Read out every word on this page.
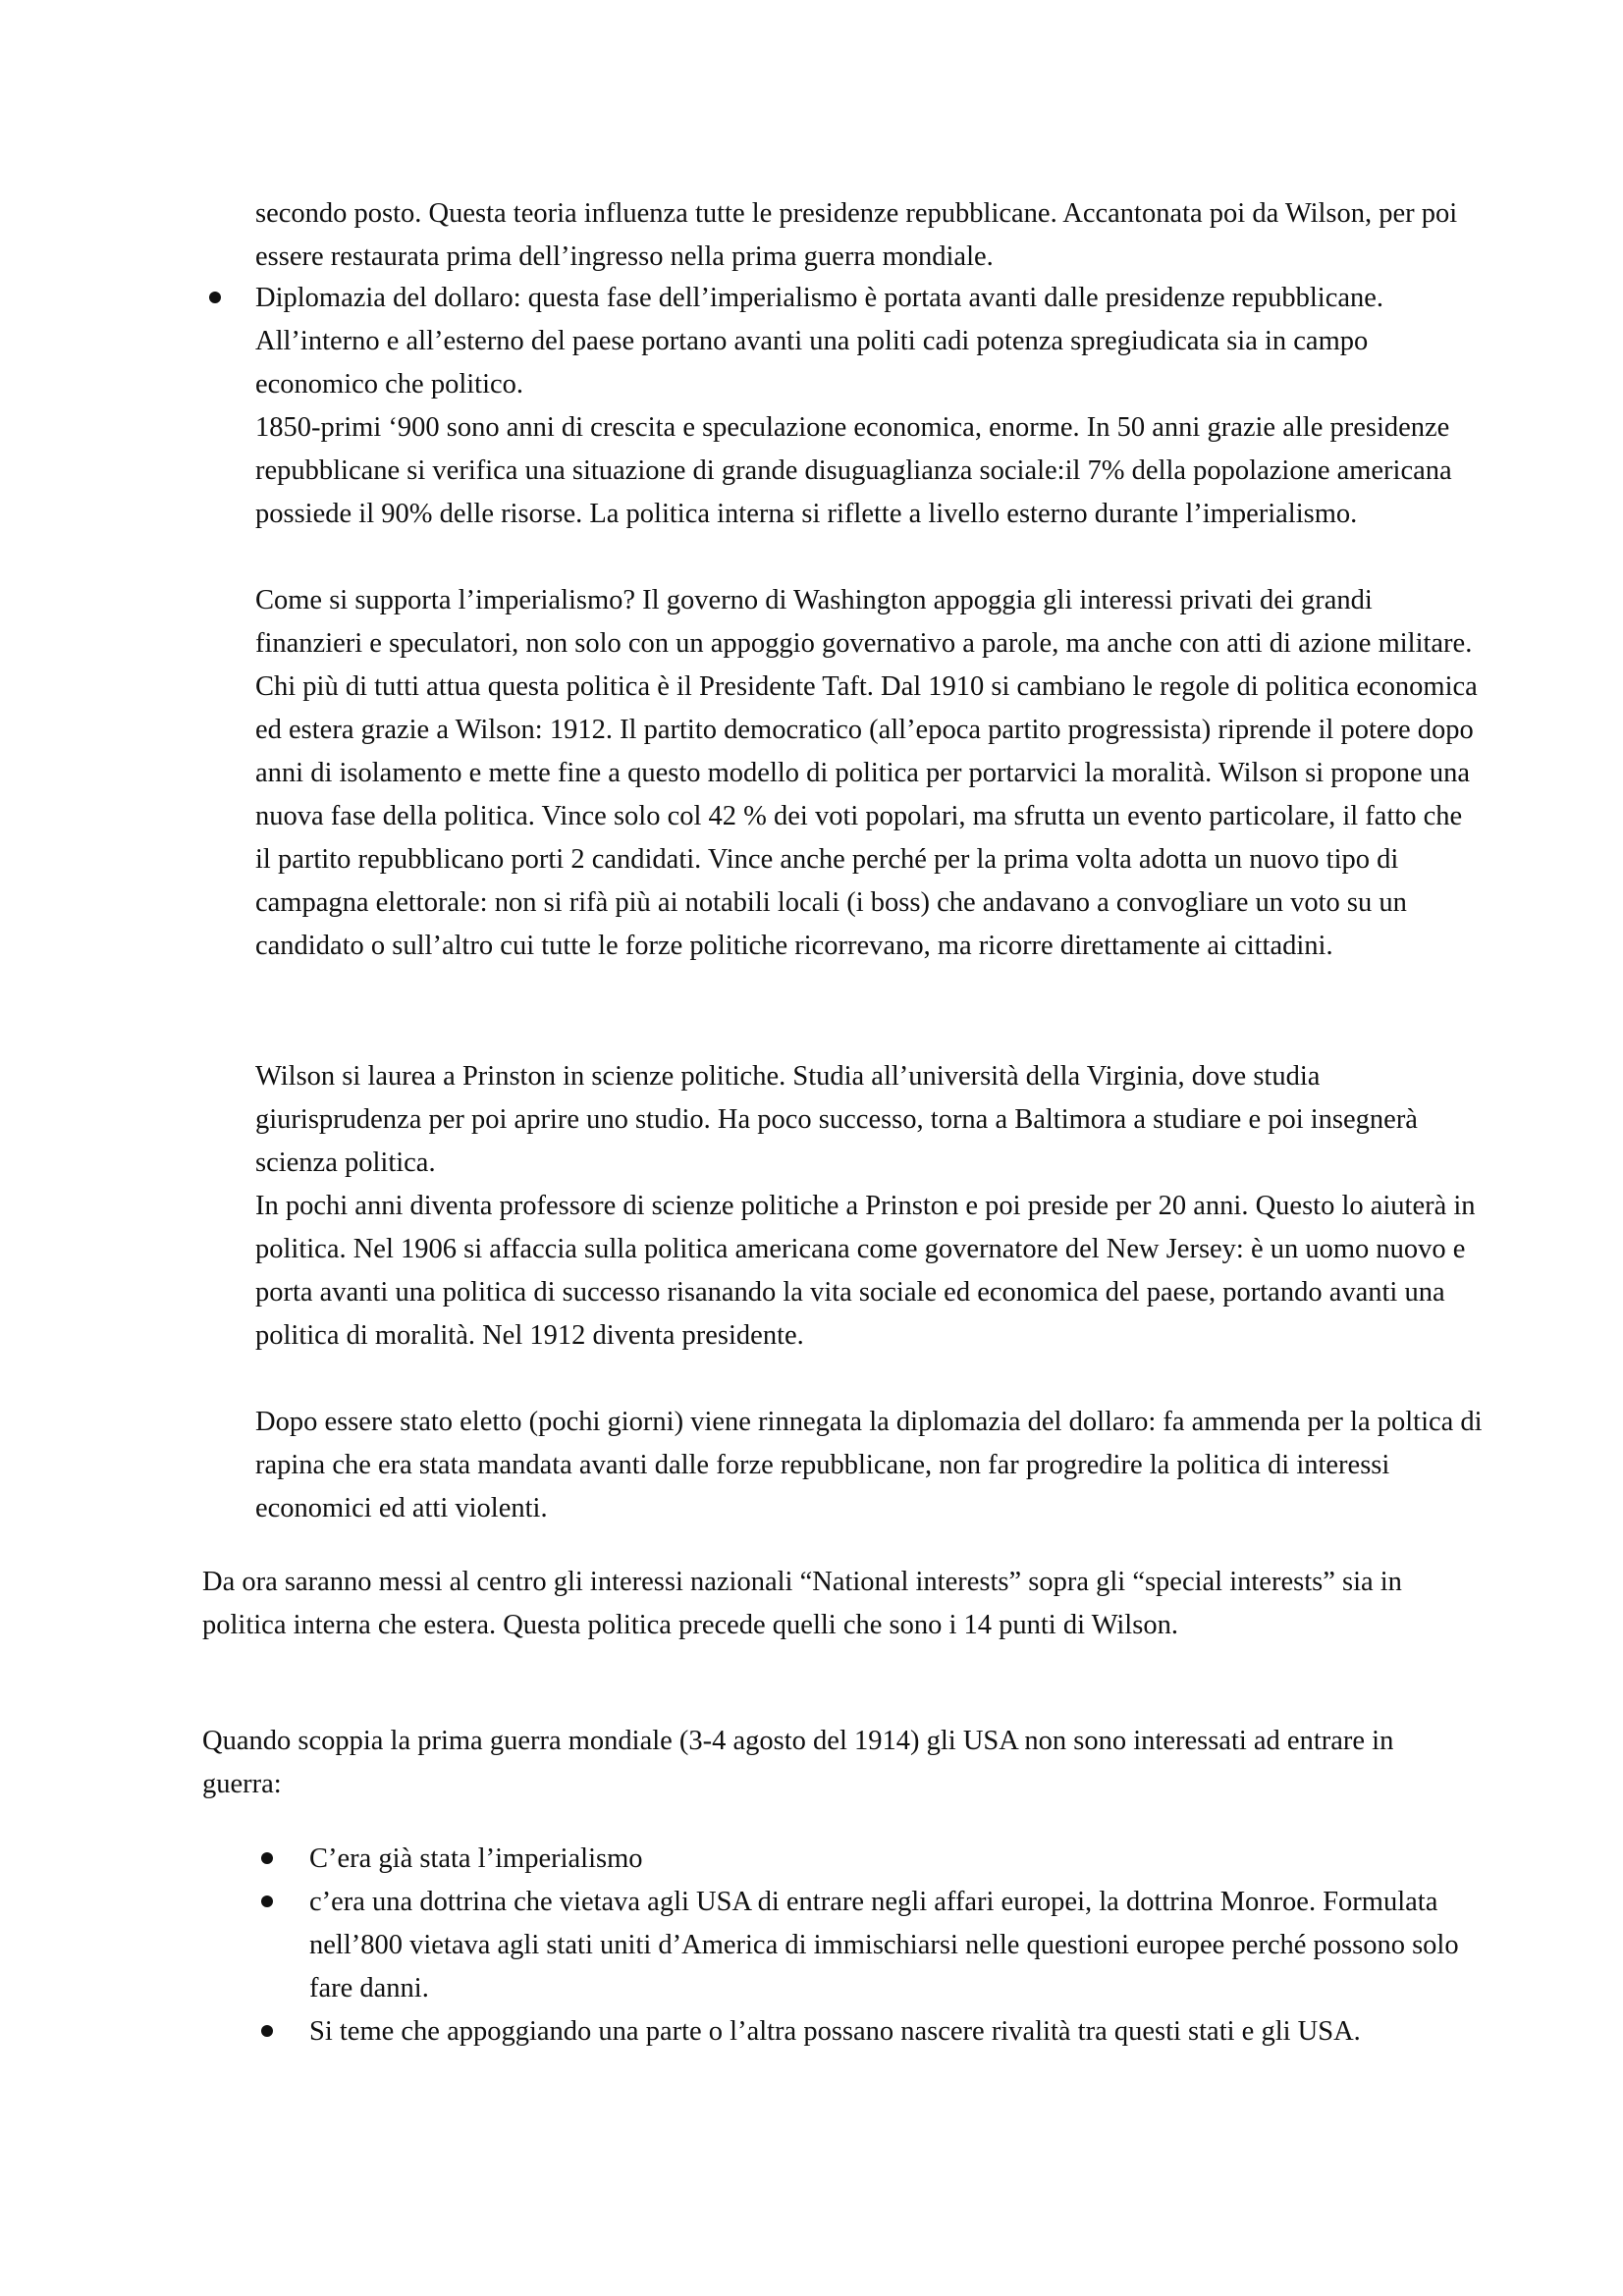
secondo posto. Questa teoria influenza tutte le presidenze repubblicane. Accantonata poi da Wilson, per poi essere restaurata prima dell’ingresso nella prima guerra mondiale.

Diplomazia del dollaro: questa fase dell’imperialismo è portata avanti dalle presidenze repubblicane. All’interno e all’esterno del paese portano avanti una politi cadi potenza spregiudicata sia in campo economico che politico.

1850-primi ‘900 sono anni di crescita e speculazione economica, enorme. In 50 anni grazie alle presidenze repubblicane si verifica una situazione di grande disuguaglianza sociale:il 7% della popolazione americana possiede il 90% delle risorse. La politica interna si riflette a livello esterno durante l’imperialismo.

Come si supporta l’imperialismo? Il governo di Washington appoggia gli interessi privati dei grandi finanzieri e speculatori, non solo con un appoggio governativo a parole, ma anche con atti di azione militare. Chi più di tutti attua questa politica è il Presidente Taft. Dal 1910 si cambiano le regole di politica economica ed estera grazie a Wilson: 1912. Il partito democratico (all’epoca partito progressista) riprende il potere dopo anni di isolamento e mette fine a questo modello di politica per portarvici la moralità. Wilson si propone una nuova fase della politica. Vince solo col 42 % dei voti popolari, ma sfrutta un evento particolare, il fatto che il partito repubblicano porti 2 candidati. Vince anche perché per la prima volta adotta un nuovo tipo di campagna elettorale: non si rifà più ai notabili locali (i boss) che andavano a convogliare un voto su un candidato o sull’altro cui tutte le forze politiche ricorrevano, ma ricorre direttamente ai cittadini.

Wilson si laurea a Prinston in scienze politiche. Studia all’università della Virginia, dove studia giurisprudenza per poi aprire uno studio. Ha poco successo, torna a Baltimora a studiare e poi insegnerà scienza politica.

In pochi anni diventa professore di scienze politiche a Prinston e poi preside per 20 anni. Questo lo aiuterà in politica. Nel 1906 si affaccia sulla politica americana come governatore del New Jersey: è un uomo nuovo e porta avanti una politica di successo risanando la vita sociale ed economica del paese, portando avanti una politica di moralità. Nel 1912 diventa presidente.

Dopo essere stato eletto (pochi giorni) viene rinnegata la diplomazia del dollaro: fa ammenda per la poltica di rapina che era stata mandata avanti dalle forze repubblicane, non far progredire la politica di interessi economici ed atti violenti.

Da ora saranno messi al centro gli interessi nazionali “National interests” sopra gli “special interests” sia in politica interna che estera. Questa politica precede quelli che sono i 14 punti di Wilson.

Quando scoppia la prima guerra mondiale (3-4 agosto del 1914) gli USA non sono interessati ad entrare in guerra:

C’era già stata l’imperialismo

c’era una dottrina che vietava agli USA di entrare negli affari europei, la dottrina Monroe. Formulata nell’800 vietava agli stati uniti d’America di immischiarsi nelle questioni europee perché possono solo fare danni.

Si teme che appoggiando una parte o l’altra possano nascere rivalità tra questi stati e gli USA.
